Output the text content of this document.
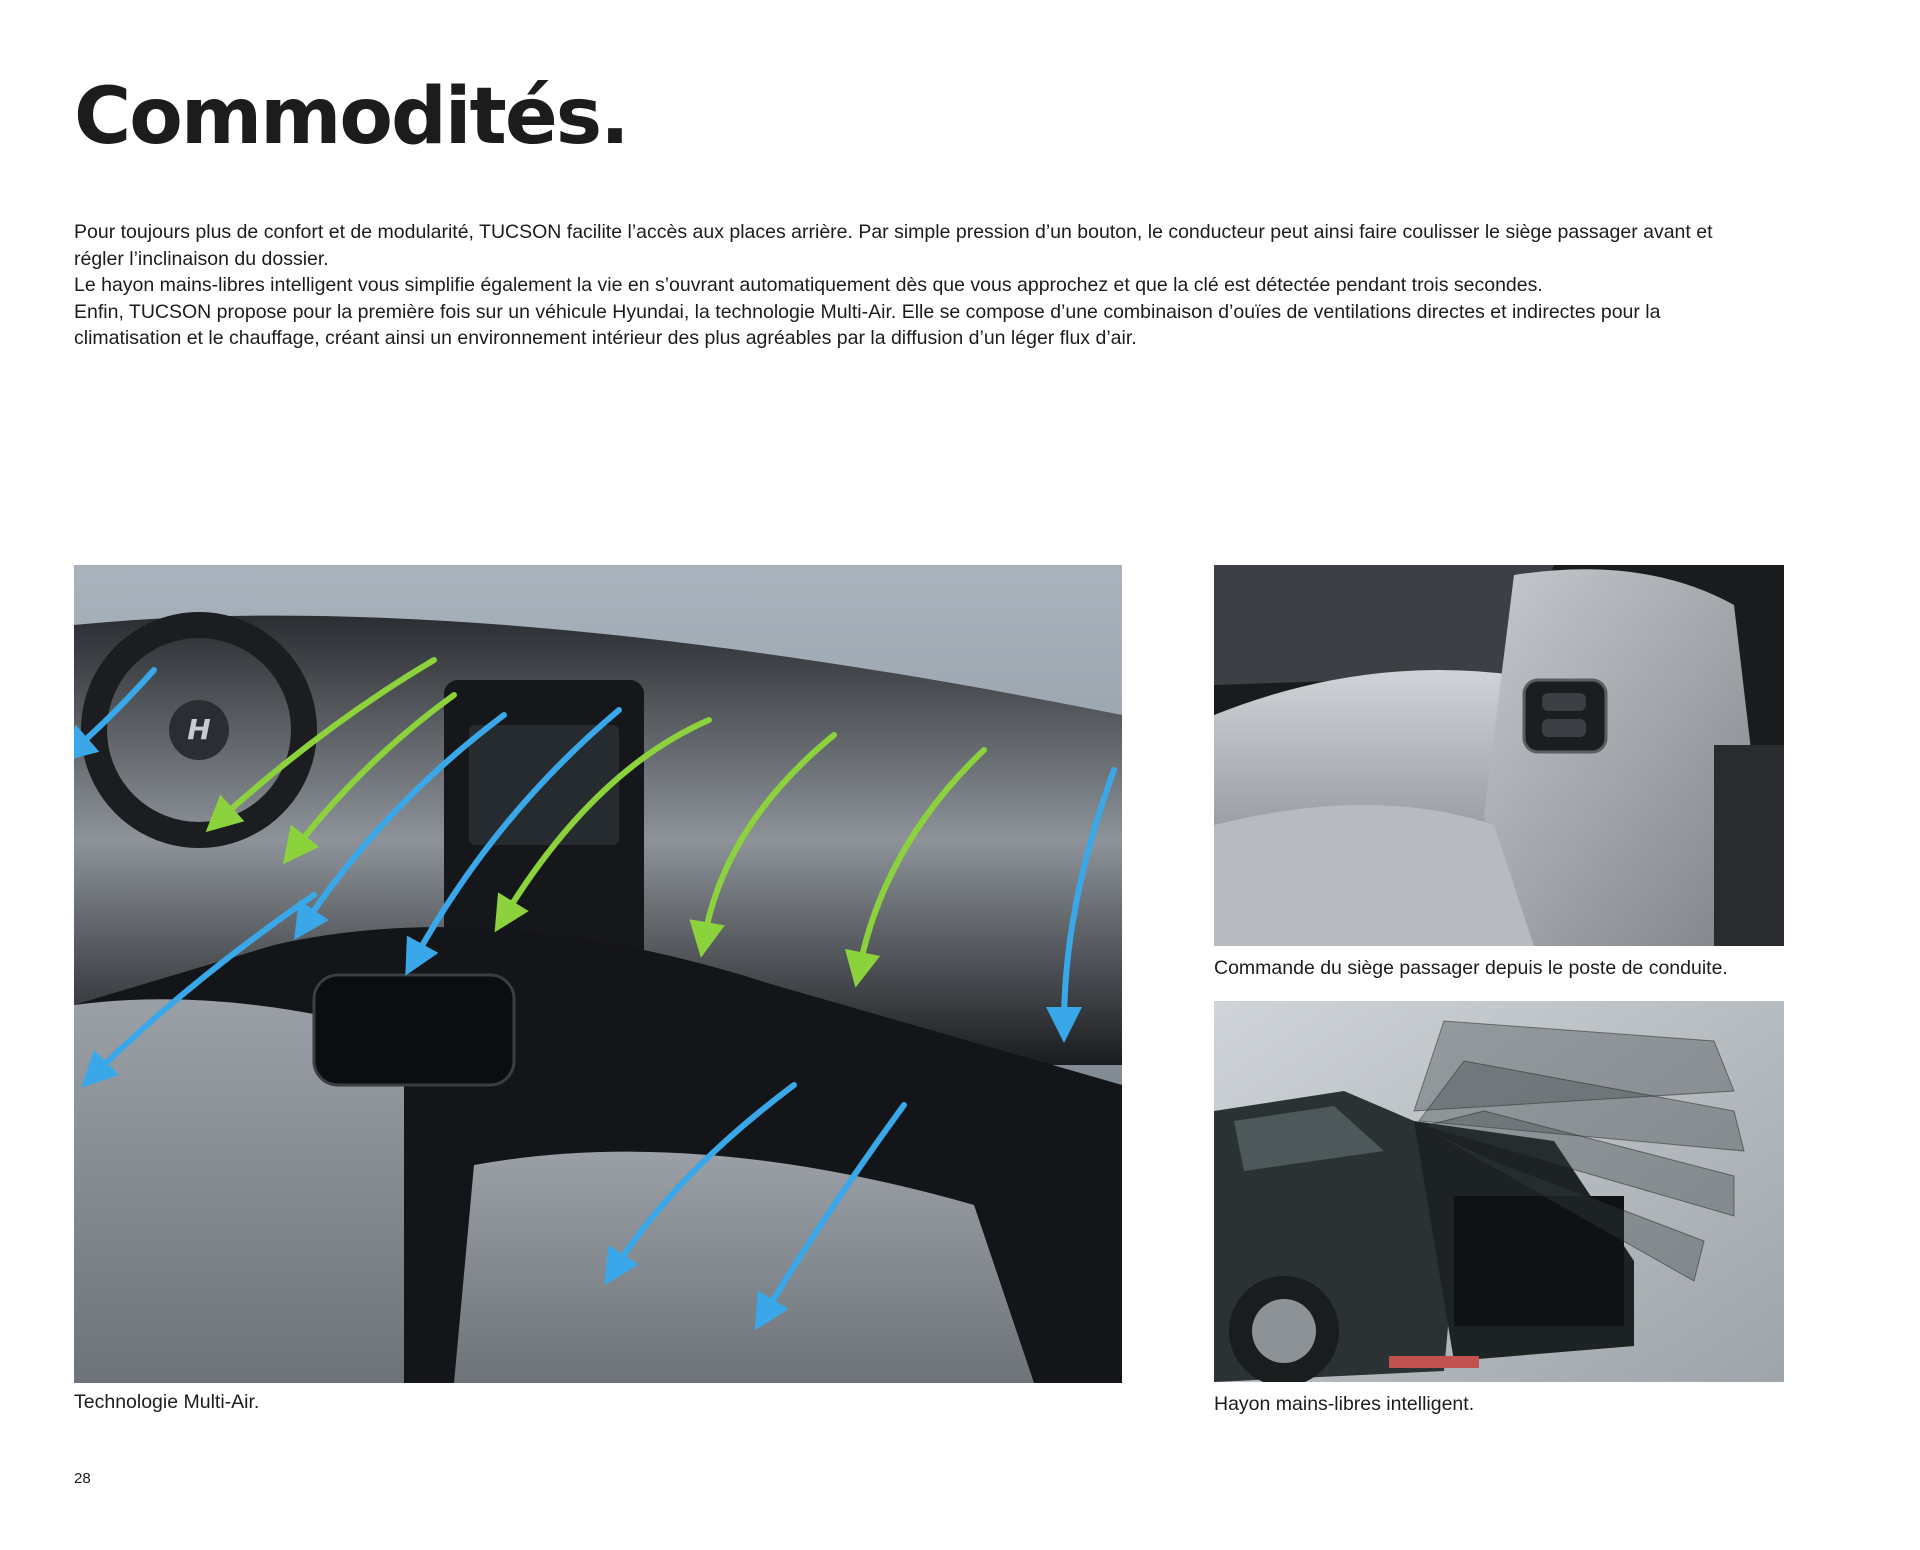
Commodités.

Pour toujours plus de confort et de modularité, TUCSON facilite l’accès aux places arrière. Par simple pression d’un bouton, le conducteur peut ainsi faire coulisser le siège passager avant et régler l’inclinaison du dossier.

Le hayon mains-libres intelligent vous simplifie également la vie en s’ouvrant automatiquement dès que vous approchez et que la clé est détectée pendant trois secondes.

Enfin, TUCSON propose pour la première fois sur un véhicule Hyundai, la technologie Multi-Air. Elle se compose d’une combinaison d’ouïes de ventilations directes et indirectes pour la climatisation et le chauffage, créant ainsi un environnement intérieur des plus agréables par la diffusion d’un léger flux d’air.

H
Technologie Multi-Air.
Commande du siège passager depuis le poste de conduite.
Hayon mains-libres intelligent.
28
